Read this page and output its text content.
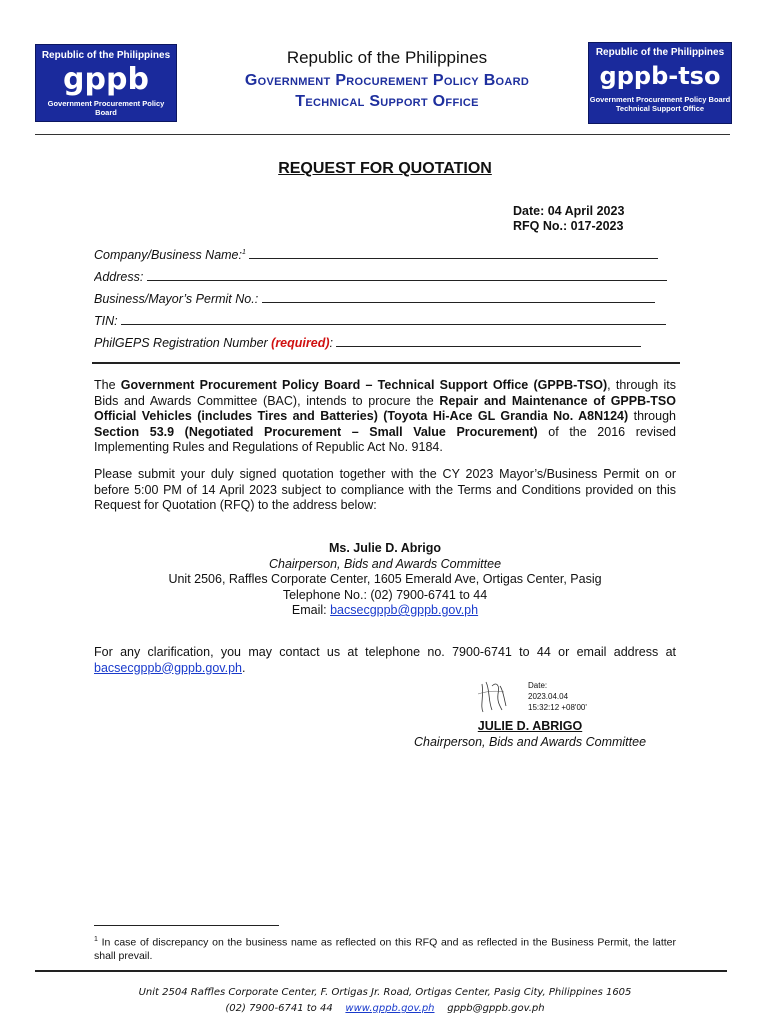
Republic of the Philippines
gppb
Government Procurement Policy Board
Republic of the Philippines
Government Procurement Policy Board
Technical Support Office
Republic of the Philippines
gppb-tso
Government Procurement Policy Board
Technical Support Office
REQUEST FOR QUOTATION
Date: 04 April 2023
RFQ No.: 017-2023
Company/Business Name:$^1$
Address:
Business/Mayor’s Permit No.:
TIN:
PhilGEPS Registration Number (required):
The Government Procurement Policy Board – Technical Support Office (GPPB-TSO), through its Bids and Awards Committee (BAC), intends to procure the Repair and Maintenance of GPPB-TSO Official Vehicles (includes Tires and Batteries) (Toyota Hi-Ace GL Grandia No. A8N124) through Section 53.9 (Negotiated Procurement – Small Value Procurement) of the 2016 revised Implementing Rules and Regulations of Republic Act No. 9184.
Please submit your duly signed quotation together with the CY 2023 Mayor’s/Business Permit on or before 5:00 PM of 14 April 2023 subject to compliance with the Terms and Conditions provided on this Request for Quotation (RFQ) to the address below:
Ms. Julie D. Abrigo
Chairperson, Bids and Awards Committee
Unit 2506, Raffles Corporate Center, 1605 Emerald Ave, Ortigas Center, Pasig
Telephone No.: (02) 7900-6741 to 44
Email: bacsecgppb@gppb.gov.ph
For any clarification, you may contact us at telephone no. 7900-6741 to 44 or email address at bacsecgppb@gppb.gov.ph.
Date:
2023.04.04
15:32:12 +08'00'
JULIE D. ABRIGO
Chairperson, Bids and Awards Committee
$^1$ In case of discrepancy on the business name as reflected on this RFQ and as reflected in the Business Permit, the latter shall prevail.
Unit 2504 Raffles Corporate Center, F. Ortigas Jr. Road, Ortigas Center, Pasig City, Philippines 1605
(02) 7900-6741 to 44 www.gppb.gov.ph gppb@gppb.gov.ph
